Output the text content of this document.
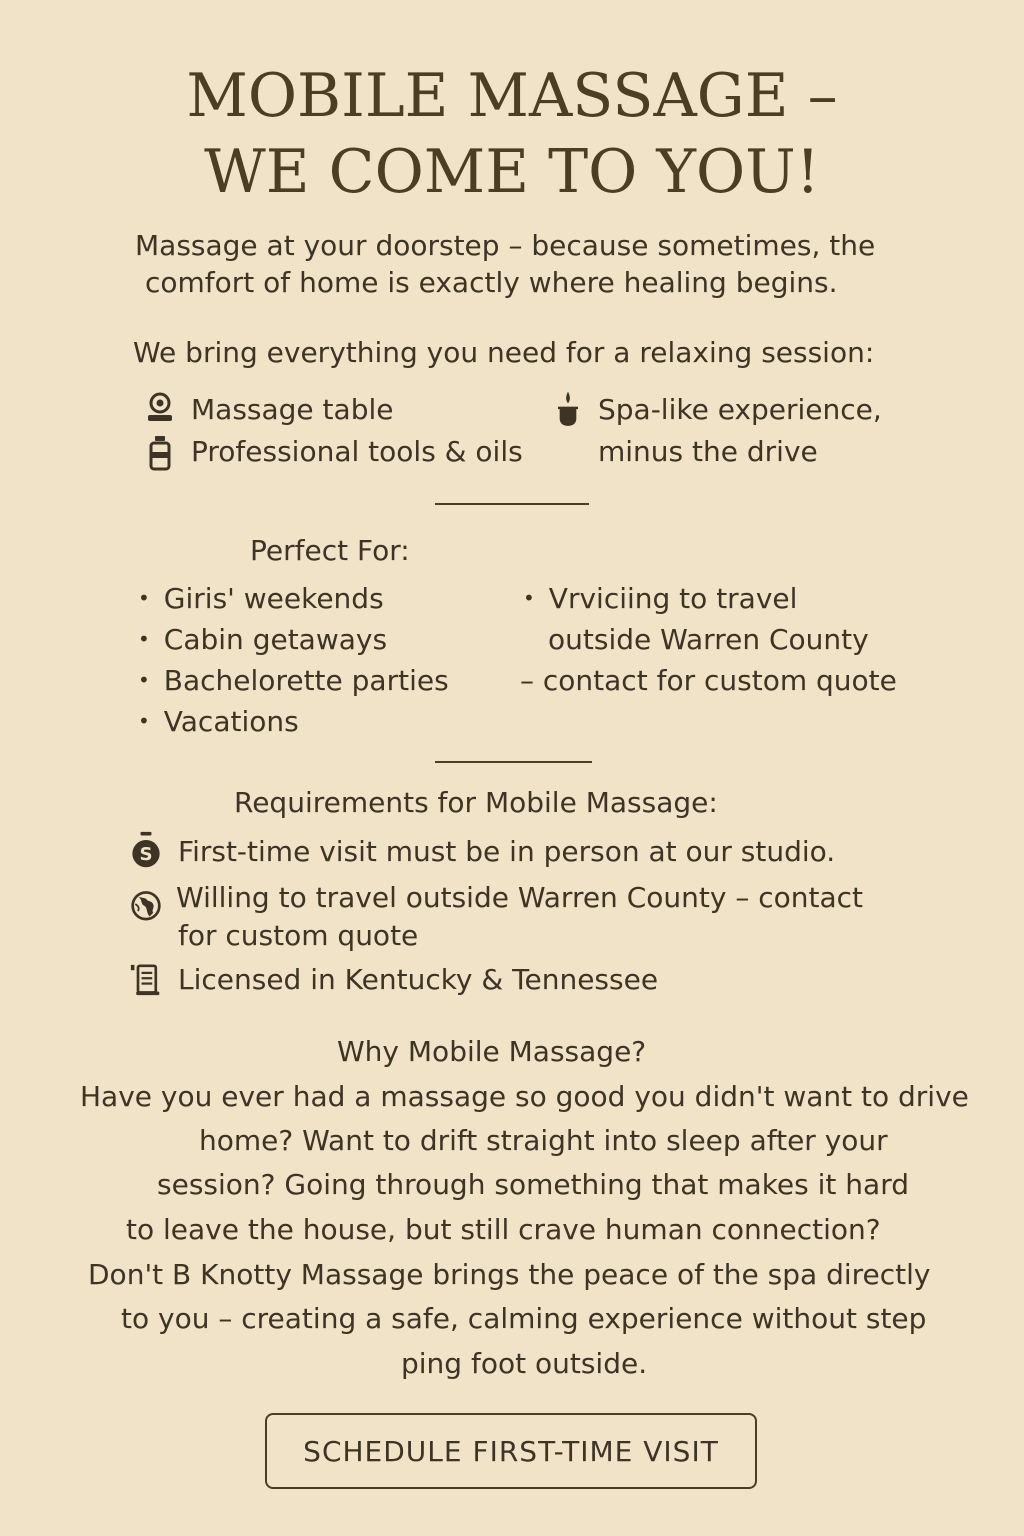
MOBILE MASSAGE –
WE COME TO YOU!
Massage at your doorstep – because sometimes, the
comfort of home is exactly where healing begins.
We bring everything you need for a relaxing session:
Massage table
Professional tools & oils
Spa-like experience,
minus the drive
Perfect For:
• Giris' weekends
• Cabin getaways
• Bachelorette parties
• Vacations
• Vrviciing to travel
outside Warren County
– contact for custom quote
Requirements for Mobile Massage:
S First-time visit must be in person at our studio.
Willing to travel outside Warren County – contact
for custom quote
Licensed in Kentucky & Tennessee
Why Mobile Massage?
Have you ever had a massage so good you didn't want to drive
home? Want to drift straight into sleep after your
session? Going through something that makes it hard
to leave the house, but still crave human connection?
Don't B Knotty Massage brings the peace of the spa directly
to you – creating a safe, calming experience without step
ping foot outside.
SCHEDULE FIRST-TIME VISIT
